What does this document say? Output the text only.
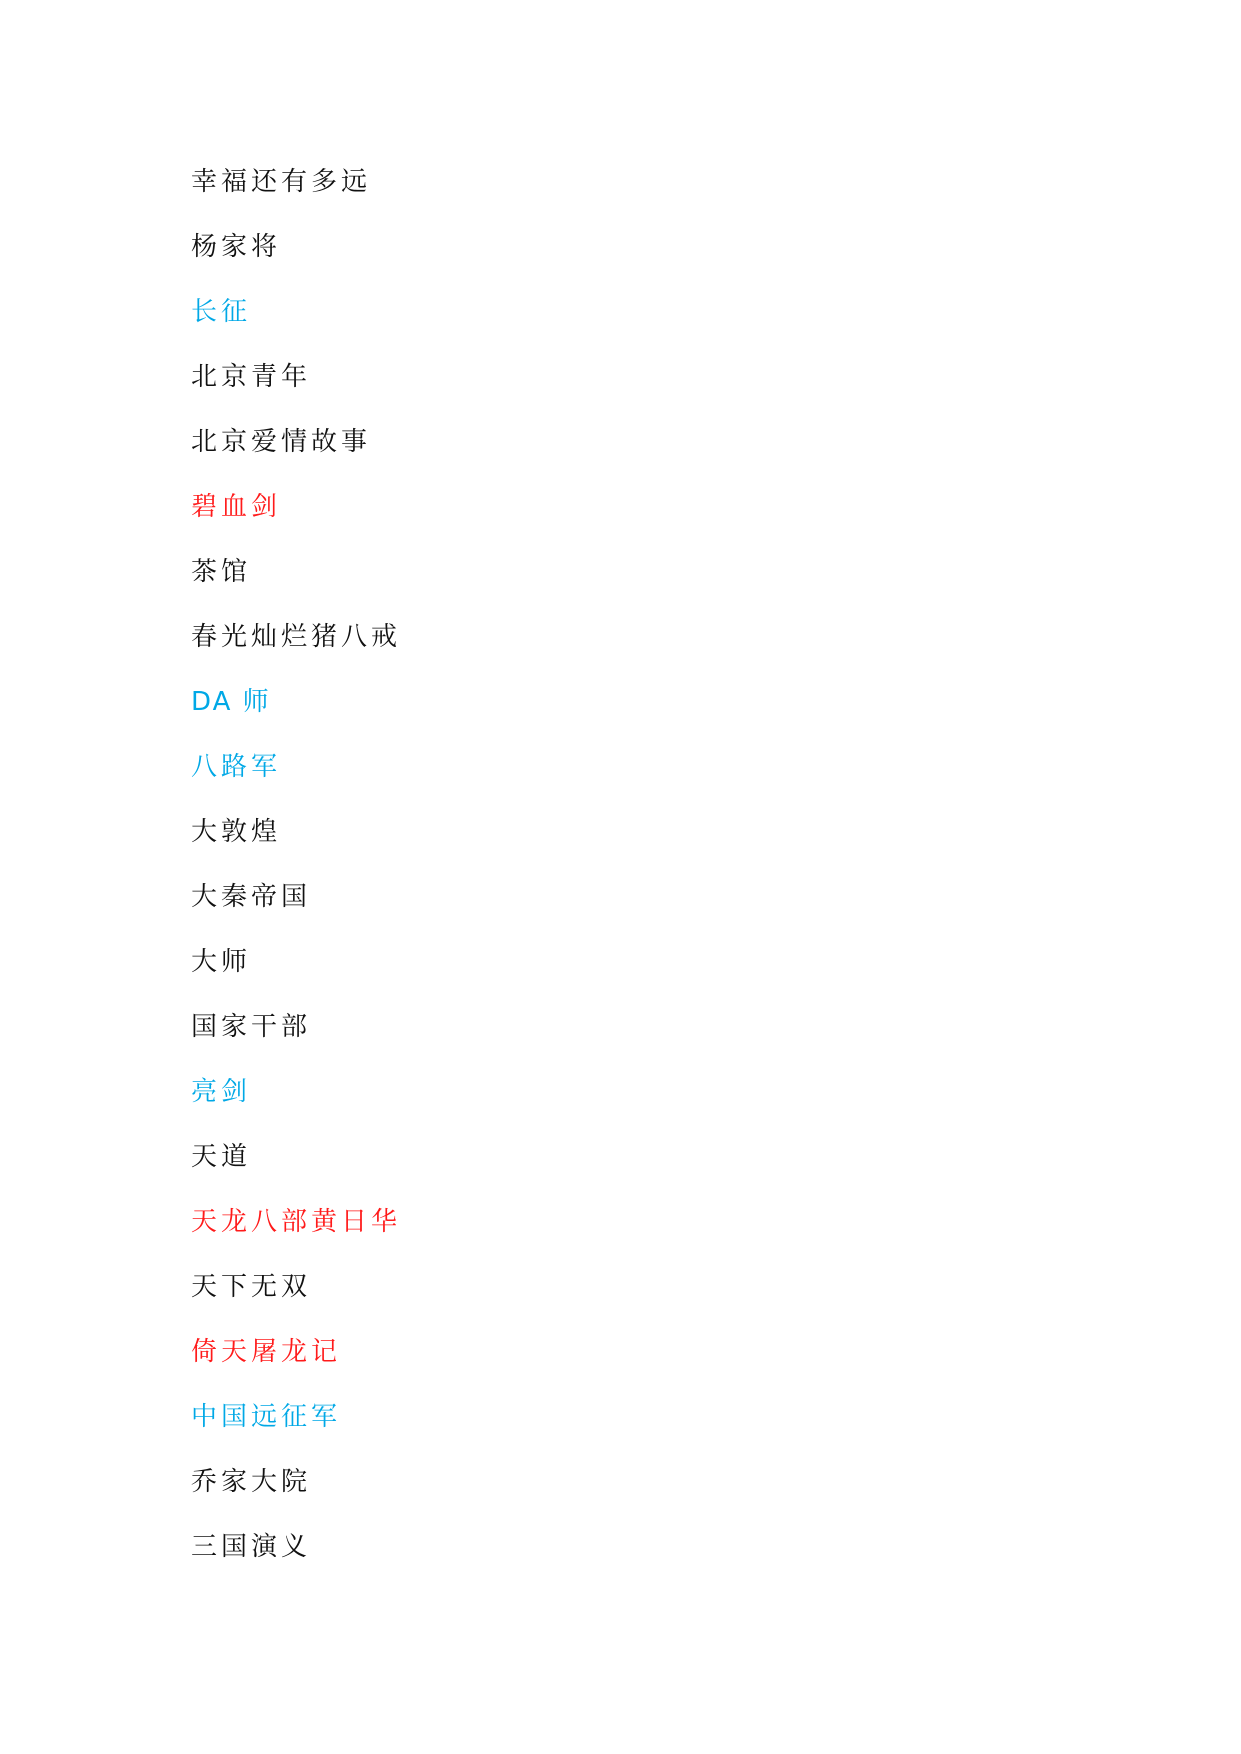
幸福还有多远
杨家将
长征
北京青年
北京爱情故事
碧血剑
茶馆
春光灿烂猪八戒
DA 师
八路军
大敦煌
大秦帝国
大师
国家干部
亮剑
天道
天龙八部黄日华
天下无双
倚天屠龙记
中国远征军
乔家大院
三国演义
